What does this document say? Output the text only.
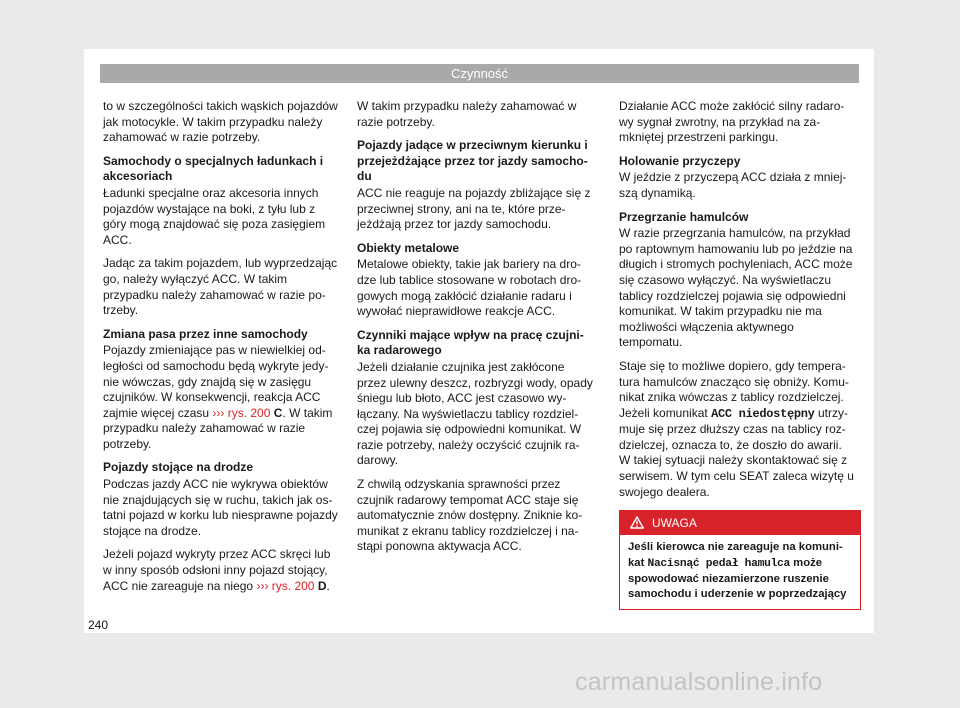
Czynność

to w szczególności takich wąskich pojazdów jak motocykle. W takim przypadku należy zahamować w razie potrzeby.

Samochody o specjalnych ładunkach i akcesoriach

Ładunki specjalne oraz akcesoria innych pojazdów wystające na boki, z tyłu lub z góry mogą znajdować się poza zasięgiem ACC.

Jadąc za takim pojazdem, lub wyprzedzając go, należy wyłączyć ACC. W takim przypadku należy zahamować w razie potrzeby.

Zmiana pasa przez inne samochody

Pojazdy zmieniające pas w niewielkiej odległości od samochodu będą wykryte jedynie wówczas, gdy znajdą się w zasięgu czujników. W konsekwencji, reakcja ACC zajmie więcej czasu ››› rys. 200 C. W takim przypadku należy zahamować w razie potrzeby.

Pojazdy stojące na drodze

Podczas jazdy ACC nie wykrywa obiektów nie znajdujących się w ruchu, takich jak ostatni pojazd w korku lub niesprawne pojazdy stojące na drodze.

Jeżeli pojazd wykryty przez ACC skręci lub w inny sposób odsłoni inny pojazd stojący, ACC nie zareaguje na niego ››› rys. 200 D.

W takim przypadku należy zahamować w razie potrzeby.

Pojazdy jadące w przeciwnym kierunku i przejeżdżające przez tor jazdy samochodu

ACC nie reaguje na pojazdy zbliżające się z przeciwnej strony, ani na te, które przejeżdżają przez tor jazdy samochodu.

Obiekty metalowe

Metalowe obiekty, takie jak bariery na drodze lub tablice stosowane w robotach drogowych mogą zakłócić działanie radaru i wywołać nieprawidłowe reakcje ACC.

Czynniki mające wpływ na pracę czujnika radarowego

Jeżeli działanie czujnika jest zakłócone przez ulewny deszcz, rozbryzgi wody, opady śniegu lub błoto, ACC jest czasowo wyłączany. Na wyświetlaczu tablicy rozdzielczej pojawia się odpowiedni komunikat. W razie potrzeby, należy oczyścić czujnik radarowy.

Z chwilą odzyskania sprawności przez czujnik radarowy tempomat ACC staje się automatycznie znów dostępny. Zniknie komunikat z ekranu tablicy rozdzielczej i nastąpi ponowna aktywacja ACC.

Działanie ACC może zakłócić silny radarowy sygnał zwrotny, na przykład na zamkniętej przestrzeni parkingu.

Holowanie przyczepy

W jeździe z przyczepą ACC działa z mniejszą dynamiką.

Przegrzanie hamulców

W razie przegrzania hamulców, na przykład po raptownym hamowaniu lub po jeździe na długich i stromych pochyleniach, ACC może się czasowo wyłączyć. Na wyświetlaczu tablicy rozdzielczej pojawia się odpowiedni komunikat. W takim przypadku nie ma możliwości włączenia aktywnego tempomatu.

Staje się to możliwe dopiero, gdy temperatura hamulców znacząco się obniży. Komunikat znika wówczas z tablicy rozdzielczej. Jeżeli komunikat ACC niedostępny utrzymuje się przez dłuższy czas na tablicy rozdzielczej, oznacza to, że doszło do awarii. W takiej sytuacji należy skontaktować się z serwisem. W tym celu SEAT zaleca wizytę u swojego dealera.

UWAGA
Jeśli kierowca nie zareaguje na komunikat Nacisnąć pedał hamulca może spowodować niezamierzone ruszenie samochodu i uderzenie w poprzedzający
240
carmanualsonline.info
